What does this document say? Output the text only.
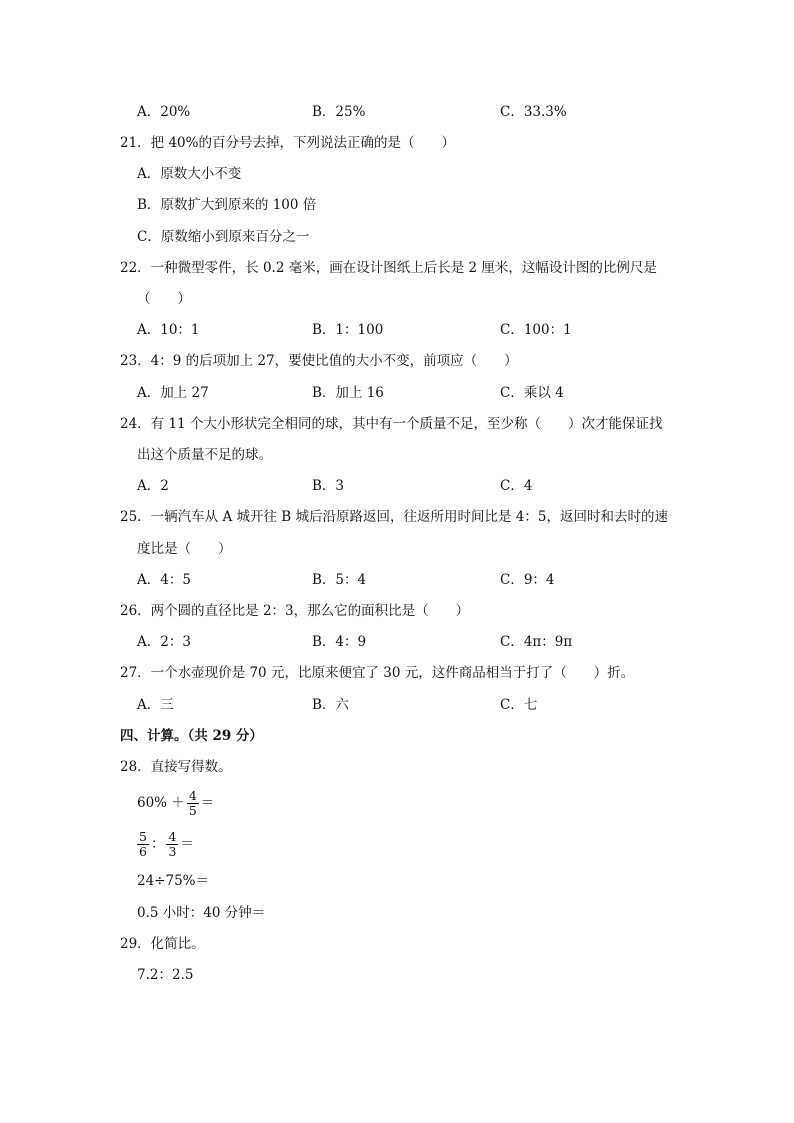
A．20%	B．25%	C．33.3%
21．把 40%的百分号去掉，下列说法正确的是（　　）
A．原数大小不变
B．原数扩大到原来的 100 倍
C．原数缩小到原来百分之一
22．一种微型零件，长 0.2 毫米，画在设计图纸上后长是 2 厘米，这幅设计图的比例尺是
（　　）
A．10：1	B．1：100	C．100：1
23．4：9 的后项加上 27，要使比值的大小不变，前项应（　　）
A．加上 27	B．加上 16	C．乘以 4
24．有 11 个大小形状完全相同的球，其中有一个质量不足，至少称（　　）次才能保证找
出这个质量不足的球。
A．2	B．3	C．4
25．一辆汽车从 A 城开往 B 城后沿原路返回，往返所用时间比是 4：5，返回时和去时的速
度比是（　　）
A．4：5	B．5：4	C．9：4
26．两个圆的直径比是 2：3，那么它的面积比是（　　）
A．2：3	B．4：9	C．4π：9π
27．一个水壶现价是 70 元，比原来便宜了 30 元，这件商品相当于打了（　　）折。
A．三	B．六	C．七
四、计算。（共 29 分）
28．直接写得数。
$60\% + \frac{4}{5}$ ＝
$\frac{5}{6}$ ： $\frac{4}{3}$ ＝
24÷75%＝
0.5 小时：40 分钟＝
29．化简比。
7.2：2.5
